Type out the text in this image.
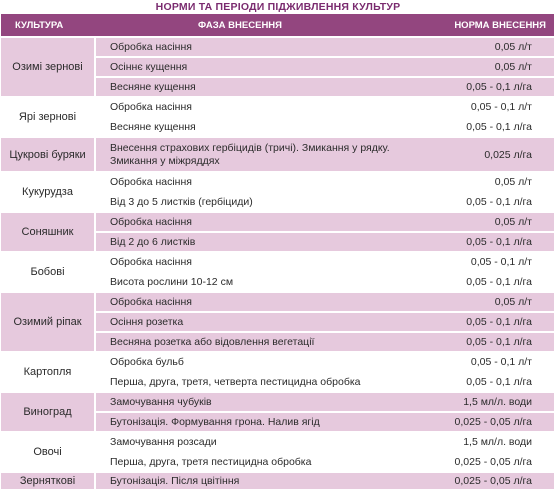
НОРМИ ТА ПЕРІОДИ ПІДЖИВЛЕННЯ КУЛЬТУР
КУЛЬТУРА	ФАЗА ВНЕСЕННЯ	НОРМА ВНЕСЕННЯ
Озимі зернові	Обробка насіння	0,05 л/т
	Осіннє кущення	0,05 л/т
	Весняне кущення	0,05 - 0,1 л/га
Ярі зернові	Обробка насіння	0,05 - 0,1 л/т
	Весняне кущення	0,05 - 0,1 л/га
Цукрові буряки	Внесення страхових гербіцидів (тричі). Змикання у рядку. Змикання у міжряддях	0,025 л/га
Кукурудза	Обробка насіння	0,05 л/т
	Від 3 до 5 листків (гербіциди)	0,05 - 0,1 л/га
Соняшник	Обробка насіння	0,05 л/т
	Від 2 до 6 листків	0,05 - 0,1 л/га
Бобові	Обробка насіння	0,05 - 0,1 л/т
	Висота рослини 10-12 см	0,05 - 0,1 л/га
Озимий ріпак	Обробка насіння	0,05 л/т
	Осіння розетка	0,05 - 0,1 л/га
	Весняна розетка або відовлення вегетації	0,05 - 0,1 л/га
Картопля	Обробка бульб	0,05 - 0,1 л/т
	Перша, друга, третя, четверта пестицидна обробка	0,05 - 0,1 л/га
Виноград	Замочування чубуків	1,5 мл/л. води
	Бутонізація. Формування грона. Налив ягід	0,025 - 0,05 л/га
Овочі	Замочування розсади	1,5 мл/л. води
	Перша, друга, третя пестицидна обробка	0,025 - 0,05 л/га
Зерняткові	Бутонізація. Після цвітіння	0,025 - 0,05 л/га
